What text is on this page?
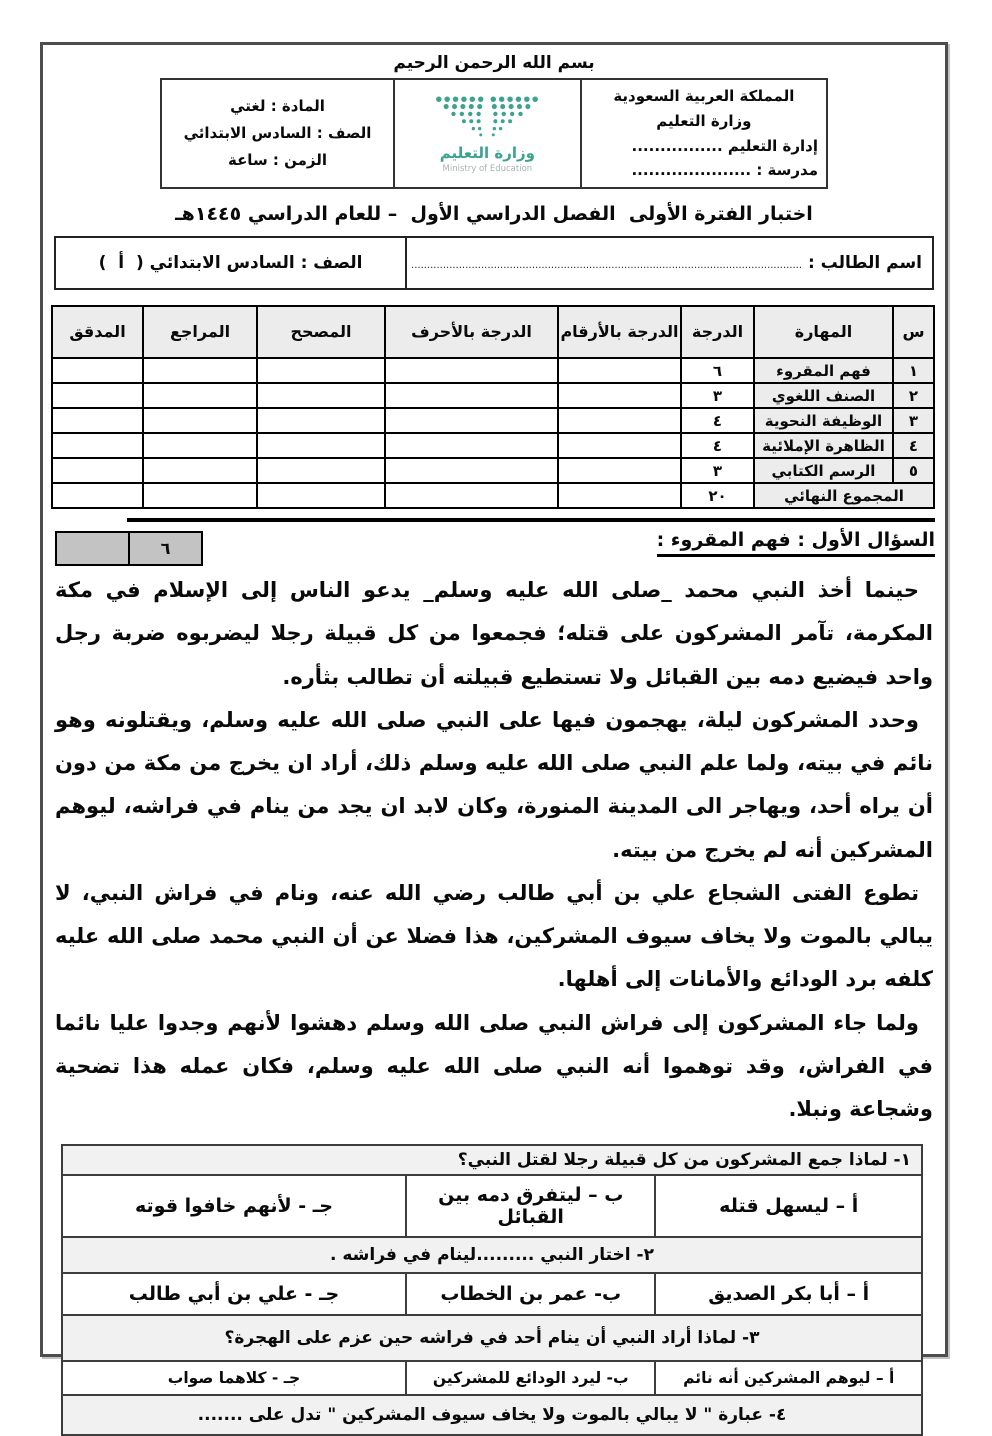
بسم الله الرحمن الرحيم
المملكة العربية السعودية
وزارة التعليم
إدارة التعليم ................
مدرسة : .....................

وزارة التعليم
Ministry of Education

المادة : لغتي
الصف : السادس الابتدائي
الزمن : ساعة
اختبار الفترة الأولى  الفصل الدراسي الأول  – للعام الدراسي ١٤٤٥هـ
اسم الطالب : ...........................................................................................................................	الصف : السادس الابتدائي (  أ  )
س	المهارة	الدرجة	الدرجة بالأرقام	الدرجة بالأحرف	المصحح	المراجع	المدقق
١	فهم المقروء	٦					
٢	الصنف اللغوي	٣					
٣	الوظيفة النحوية	٤					
٤	الظاهرة الإملائية	٤					
٥	الرسم الكتابي	٣					
المجموع النهائي		٢٠					
السؤال الأول : فهم المقروء :
٦

حينما أخذ النبي محمد _صلى الله عليه وسلم_ يدعو الناس إلى الإسلام في مكة المكرمة، تآمر المشركون على قتله؛ فجمعوا من كل قبيلة رجلا ليضربوه ضربة رجل واحد فيضيع دمه بين القبائل ولا تستطيع قبيلته أن تطالب بثأره.

وحدد المشركون ليلة، يهجمون فيها على النبي صلى الله عليه وسلم، ويقتلونه وهو نائم في بيته، ولما علم النبي صلى الله عليه وسلم ذلك، أراد ان يخرج من مكة من دون أن يراه أحد، ويهاجر الى المدينة المنورة، وكان لابد ان يجد من ينام في فراشه، ليوهم المشركين أنه لم يخرج من بيته.

تطوع الفتى الشجاع علي بن أبي طالب رضي الله عنه، ونام في فراش النبي، لا يبالي بالموت ولا يخاف سيوف المشركين، هذا فضلا عن أن النبي محمد صلى الله عليه كلفه برد الودائع والأمانات إلى أهلها.

ولما جاء المشركون إلى فراش النبي صلى الله وسلم دهشوا لأنهم وجدوا عليا نائما في الفراش، وقد توهموا أنه النبي صلى الله عليه وسلم، فكان عمله هذا تضحية وشجاعة ونبلا.

١- لماذا جمع المشركون من كل قبيلة رجلا لقتل النبي؟		
أ – ليسهل قتله	ب – ليتفرق دمه بين القبائل	جـ - لأنهم خافوا قوته
٢- اختار النبي .........لينام في فراشه .		
أ – أبا بكر الصديق	ب- عمر بن الخطاب	جـ - علي بن أبي طالب
٣- لماذا أراد النبي أن ينام أحد في فراشه حين عزم على الهجرة؟		
أ – ليوهم المشركين أنه نائم	ب- ليرد الودائع للمشركين	جـ - كلاهما صواب
٤- عبارة " لا يبالي بالموت ولا يخاف سيوف المشركين " تدل على .......		
